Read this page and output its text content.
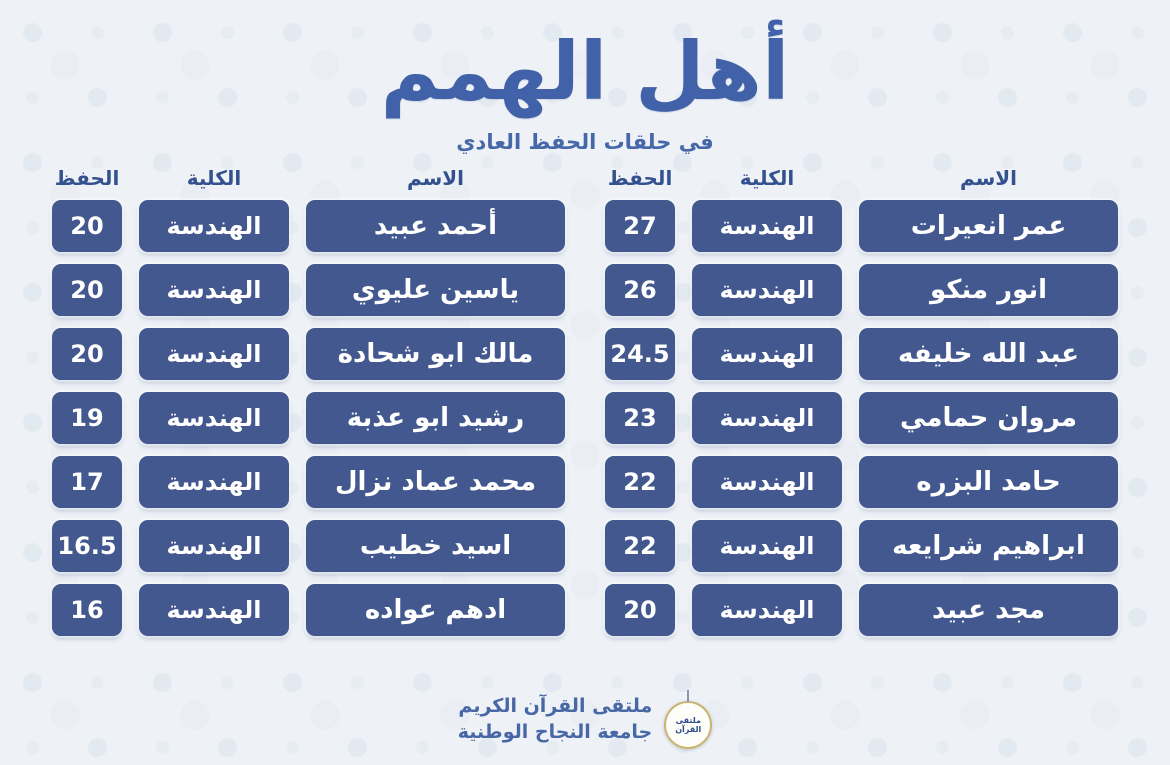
أهل الهمم
في حلقات الحفظ العادي
الاسم
الكلية
الحفظ
عمر انعيرات
الهندسة
27
انور منكو
الهندسة
26
عبد الله خليفه
الهندسة
24.5
مروان حمامي
الهندسة
23
حامد البزره
الهندسة
22
ابراهيم شرايعه
الهندسة
22
مجد عبيد
الهندسة
20
الاسم
الكلية
الحفظ
أحمد عبيد
الهندسة
20
ياسين عليوي
الهندسة
20
مالك ابو شحادة
الهندسة
20
رشيد ابو عذبة
الهندسة
19
محمد عماد نزال
الهندسة
17
اسيد خطيب
الهندسة
16.5
ادهم عواده
الهندسة
16
ملتقى القرآن
ملتقى القرآن الكريم
جامعة النجاح الوطنية
